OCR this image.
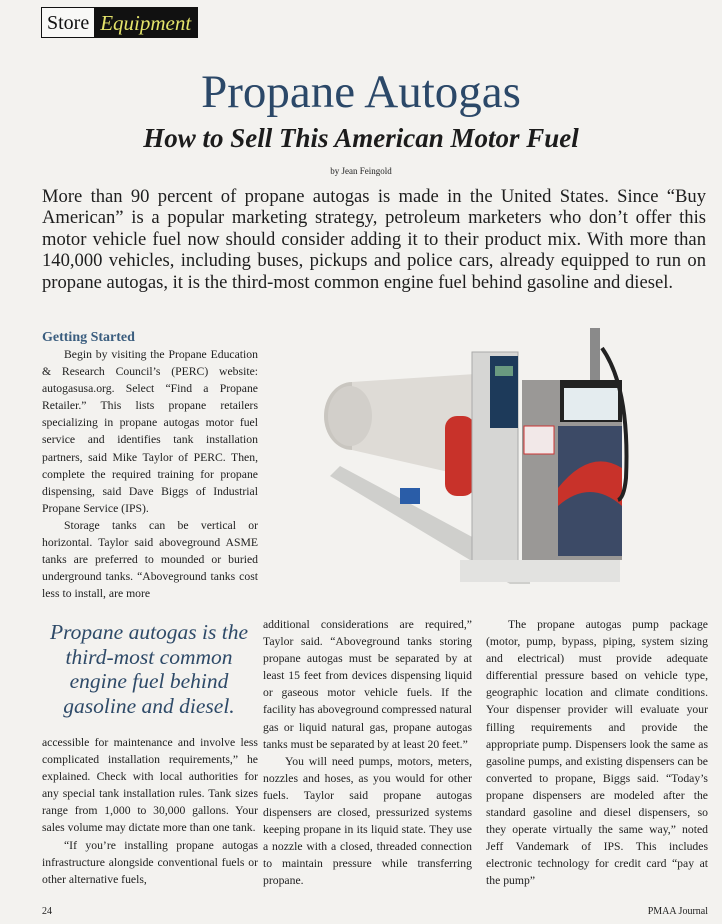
Store Equipment
Propane Autogas
How to Sell This American Motor Fuel
by Jean Feingold
More than 90 percent of propane autogas is made in the United States. Since “Buy American” is a popular marketing strategy, petroleum marketers who don’t offer this motor vehicle fuel now should consider adding it to their product mix. With more than 140,000 vehicles, including buses, pickups and police cars, already equipped to run on propane autogas, it is the third-most common engine fuel behind gasoline and diesel.
Getting Started

Begin by visiting the Propane Education & Research Council’s (PERC) website: autogasusa.org. Select “Find a Propane Retailer.” This lists propane retailers specializing in propane autogas motor fuel service and identifies tank installation partners, said Mike Taylor of PERC. Then, complete the required training for propane dispensing, said Dave Biggs of Industrial Propane Service (IPS).

Storage tanks can be vertical or horizontal. Taylor said aboveground ASME tanks are preferred to mounded or buried underground tanks. “Aboveground tanks cost less to install, are more

Propane autogas is the third-most common engine fuel behind gasoline and diesel.

accessible for maintenance and involve less complicated installation requirements,” he explained. Check with local authorities for any special tank installation rules. Tank sizes range from 1,000 to 30,000 gallons. Your sales volume may dictate more than one tank.

“If you’re installing propane autogas infrastructure alongside conventional fuels or other alternative fuels,

additional considerations are required,” Taylor said. “Aboveground tanks storing propane autogas must be separated by at least 15 feet from devices dispensing liquid or gaseous motor vehicle fuels. If the facility has aboveground compressed natural gas or liquid natural gas, propane autogas tanks must be separated by at least 20 feet.”

You will need pumps, motors, meters, nozzles and hoses, as you would for other fuels. Taylor said propane autogas dispensers are closed, pressurized systems keeping propane in its liquid state. They use a nozzle with a closed, threaded connection to maintain pressure while transferring propane.

The propane autogas pump package (motor, pump, bypass, piping, system sizing and electrical) must provide adequate differential pressure based on vehicle type, geographic location and climate conditions. Your dispenser provider will evaluate your filling requirements and provide the appropriate pump. Dispensers look the same as gasoline pumps, and existing dispensers can be converted to propane, Biggs said. “Today’s propane dispensers are modeled after the standard gasoline and diesel dispensers, so they operate virtually the same way,” noted Jeff Vandemark of IPS. This includes electronic technology for credit card “pay at the pump”

24	PMAA Journal
